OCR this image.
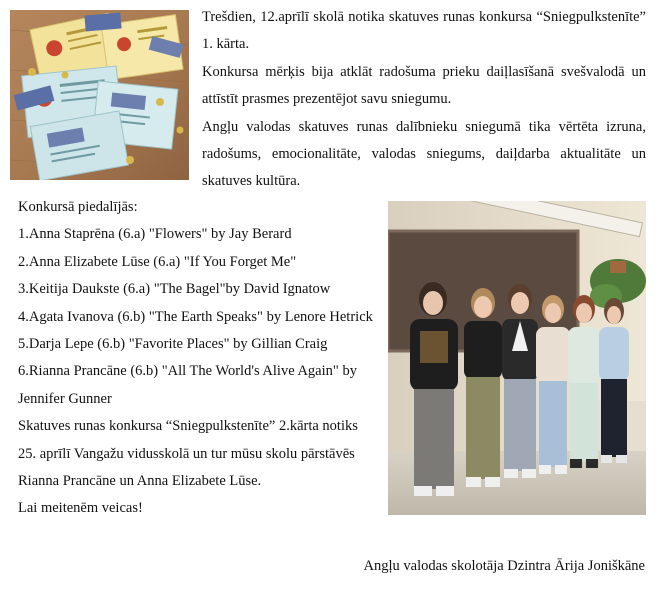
Trešdien, 12.aprīlī skolā notika skatuves runas konkursa “Sniegpulkstenīte” 1. kārta.

Konkursa mērķis bija atklāt radošuma prieku daiļlasīšanā svešvalodā un attīstīt prasmes prezentējot savu sniegumu.

Angļu valodas skatuves runas dalībnieku sniegumā tika vērtēta izruna, radošums, emocionalitāte, valodas sniegums, daiļdarba aktualitāte un skatuves kultūra.

Konkursā piedalījās:

1.Anna Staprēna (6.a) "Flowers" by Jay Berard

2.Anna Elizabete Lūse (6.a) "If You Forget Me"

3.Keitija Daukste (6.a) "The Bagel"by David Ignatow

4.Agata Ivanova (6.b) "The Earth Speaks" by Lenore Hetrick

5.Darja Lepe (6.b) "Favorite Places" by Gillian Craig

6.Rianna Prancāne (6.b) "All The World's Alive Again" by Jennifer Gunner

Skatuves runas konkursa “Sniegpulkstenīte” 2.kārta notiks 25. aprīlī Vangažu vidusskolā un tur mūsu skolu pārstāvēs Rianna Prancāne un Anna Elizabete Lūse.

Lai meitenēm veicas!

Angļu valodas skolotāja Dzintra Ārija Joniškāne
